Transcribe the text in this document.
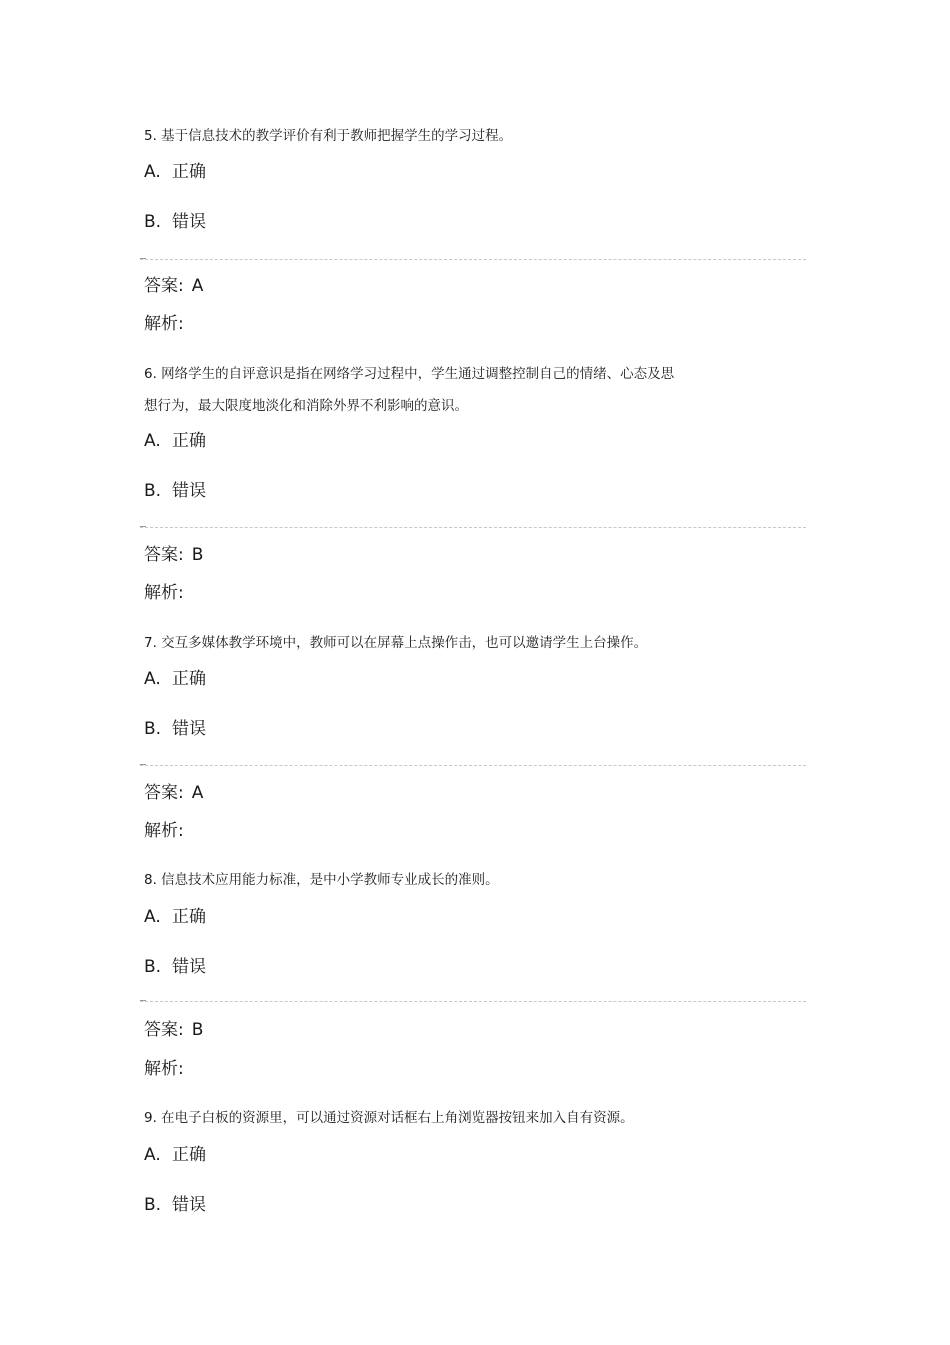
5. 基于信息技术的教学评价有利于教师把握学生的学习过程。
A. 正确
B. 错误
答案: A
解析:
6. 网络学生的自评意识是指在网络学习过程中，学生通过调整控制自己的情绪、心态及思
想行为，最大限度地淡化和消除外界不利影响的意识。
A. 正确
B. 错误
答案: B
解析:
7. 交互多媒体教学环境中，教师可以在屏幕上点操作击，也可以邀请学生上台操作。
A. 正确
B. 错误
答案: A
解析:
8. 信息技术应用能力标准，是中小学教师专业成长的准则。
A. 正确
B. 错误
答案: B
解析:
9. 在电子白板的资源里，可以通过资源对话框右上角浏览器按钮来加入自有资源。
A. 正确
B. 错误
